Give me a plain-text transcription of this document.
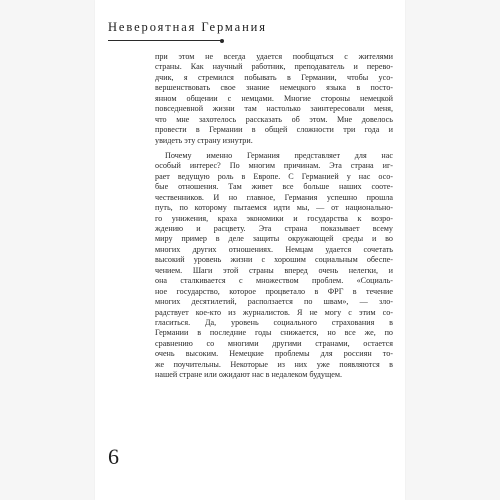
Невероятная Германия
при этом не всегда удается пообщаться с жителями
страны. Как научный работник, преподаватель и перево-
дчик, я стремился побывать в Германии, чтобы усо-
вершенствовать свое знание немецкого языка в посто-
янном общении с немцами. Многие стороны немецкой
повседневной жизни там настолько заинтересовали меня,
что мне захотелось рассказать об этом. Мне довелось
провести в Германии в общей сложности три года и
увидеть эту страну изнутри.
Почему именно Германия представляет для нас
особый интерес? По многим причинам. Эта страна иг-
рает ведущую роль в Европе. С Германией у нас осо-
бые отношения. Там живет все больше наших соотe-
чественников. И но главное, Германия успешно прошла
путь, по которому пытаемся идти мы, — от национально-
го унижения, краха экономики и государства к возро-
ждению и расцвету. Эта страна показывает всему
миру пример в деле защиты окружающей среды и во
многих других отношениях. Немцам удается сочетать
высокий уровень жизни с хорошим социальным обеспе-
чением. Шаги этой страны вперед очень нелегки, и
она сталкивается с множеством проблем. «Социаль-
ное государство, которое процветало в ФРГ в течение
многих десятилетий, расползается по швам», — зло-
радствует кое-кто из журналистов. Я не могу с этим со-
гласиться. Да, уровень социального страхования в
Германии в последние годы снижается, но все же, по
сравнению со многими другими странами, остается
очень высоким. Немецкие проблемы для россиян то-
же поучительны. Некоторые из них уже появляются в
нашей стране или ожидают нас в недалеком будущем.
6
